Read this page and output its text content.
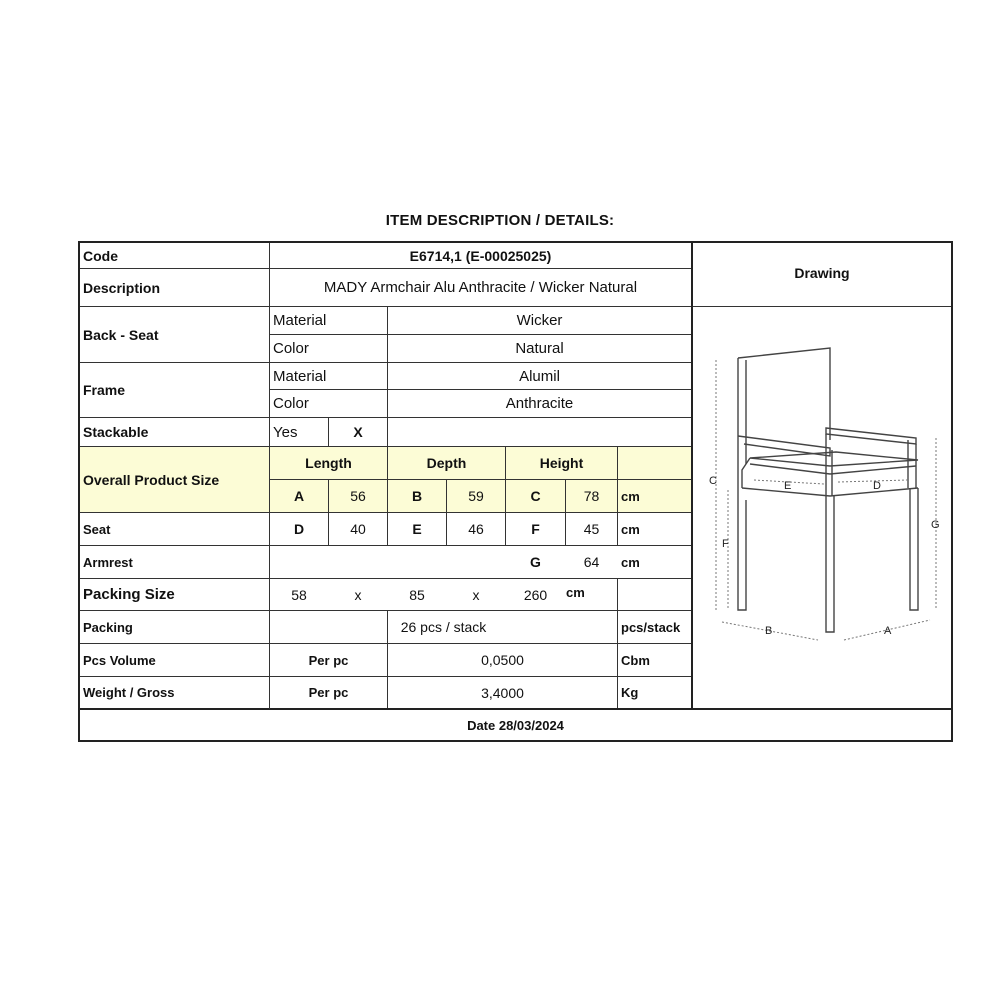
ITEM DESCRIPTION / DETAILS:
Code	E6714,1 (E-00025025)
Description	MADY Armchair Alu Anthracite / Wicker Natural
Drawing
Back - Seat
Material	Wicker
Color	Natural
Frame
Material	Alumil
Color	Anthracite
Stackable	Yes	X
Overall Product Size
Length	Depth	Height
A	56	B	59	C	78	cm
Seat	D	40	E	46	F	45	cm
Armrest	G	64	cm
Packing Size	58	x	85	x	260	cm
Packing	26 pcs / stack	pcs/stack
Pcs Volume	Per pc	0,0500	Cbm
Weight / Gross	Per pc	3,4000	Kg
Date 28/03/2024
C
F
G
E	D
B	A
